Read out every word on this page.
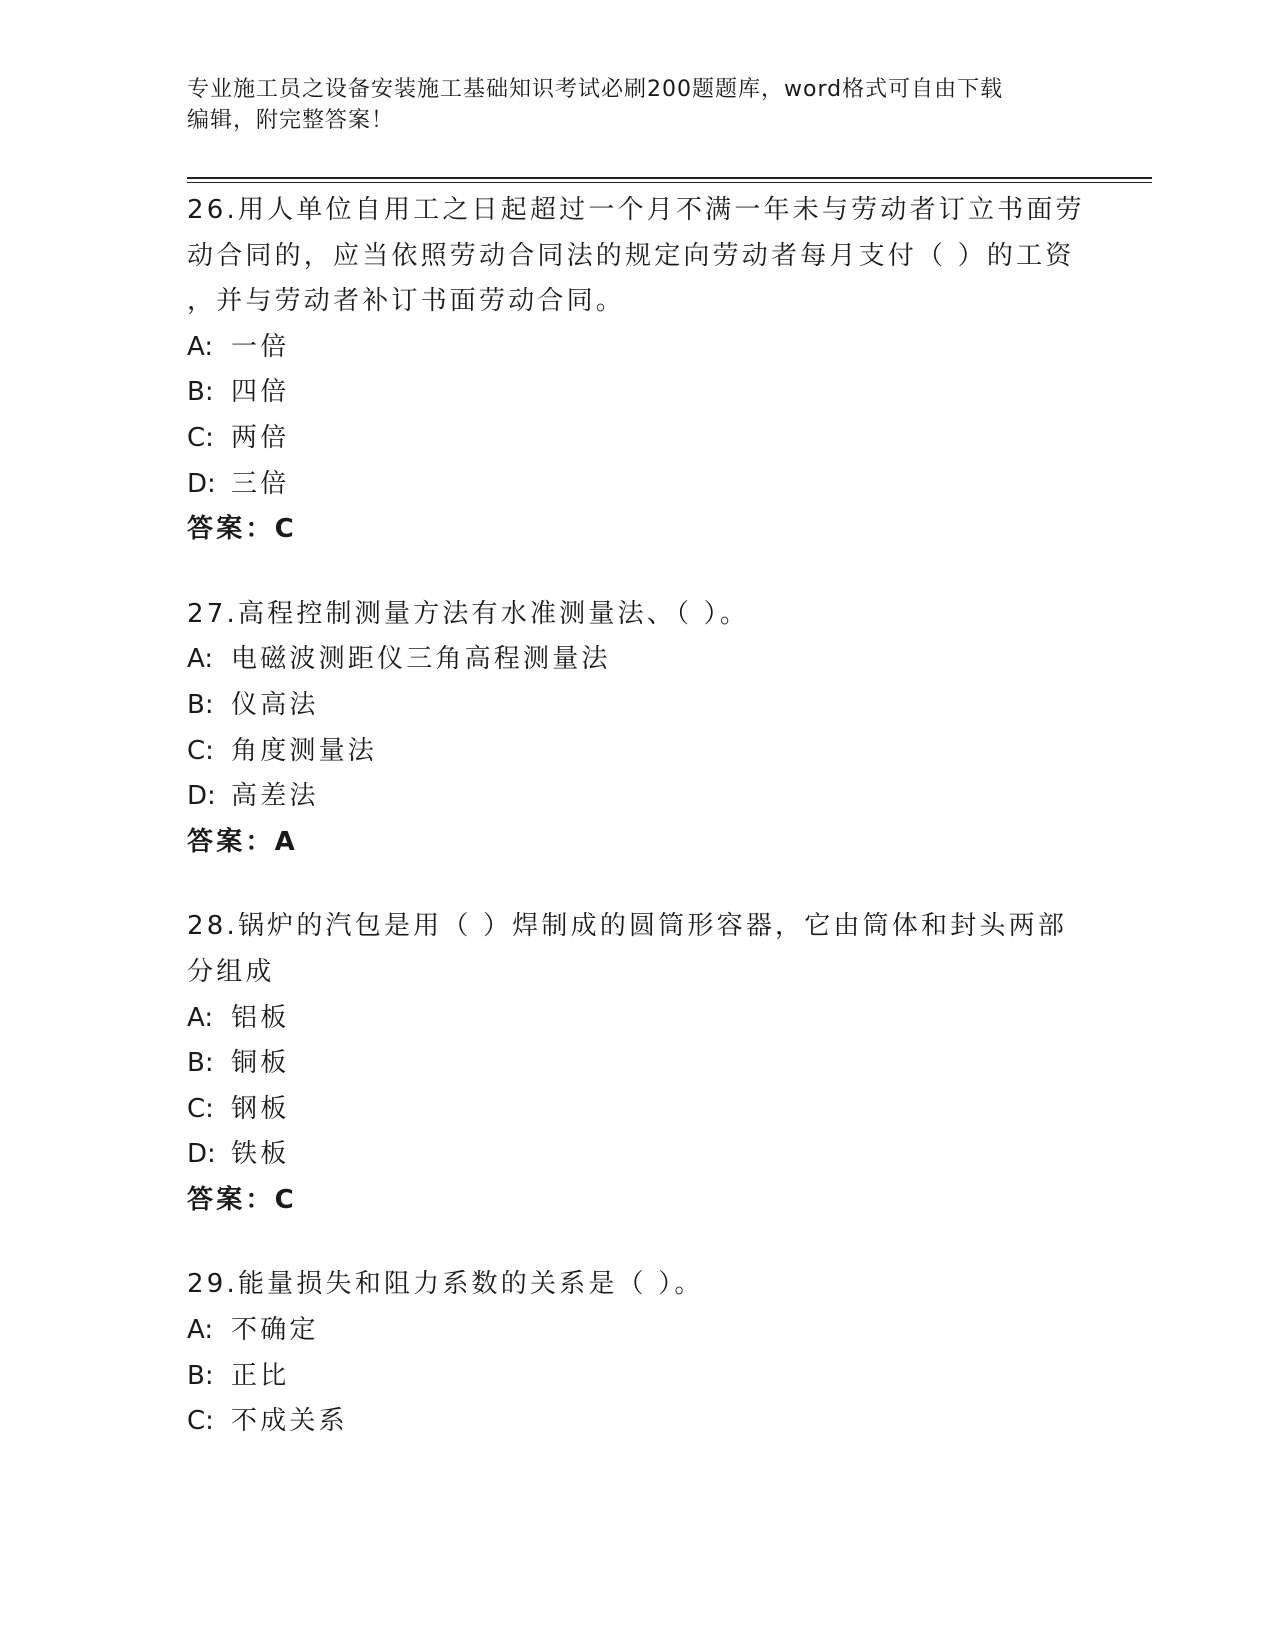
专业施工员之设备安装施工基础知识考试必刷200题题库，word格式可自由下载
编辑，附完整答案！
26.用人单位自用工之日起超过一个月不满一年未与劳动者订立书面劳
动合同的，应当依照劳动合同法的规定向劳动者每月支付（ ）的工资
，并与劳动者补订书面劳动合同。
A: 一倍
B: 四倍
C: 两倍
D: 三倍
答案：C
27.高程控制测量方法有水准测量法、（ ）。
A: 电磁波测距仪三角高程测量法
B: 仪高法
C: 角度测量法
D: 高差法
答案：A
28.锅炉的汽包是用（ ）焊制成的圆筒形容器，它由筒体和封头两部
分组成
A: 铝板
B: 铜板
C: 钢板
D: 铁板
答案：C
29.能量损失和阻力系数的关系是（ ）。
A: 不确定
B: 正比
C: 不成关系
